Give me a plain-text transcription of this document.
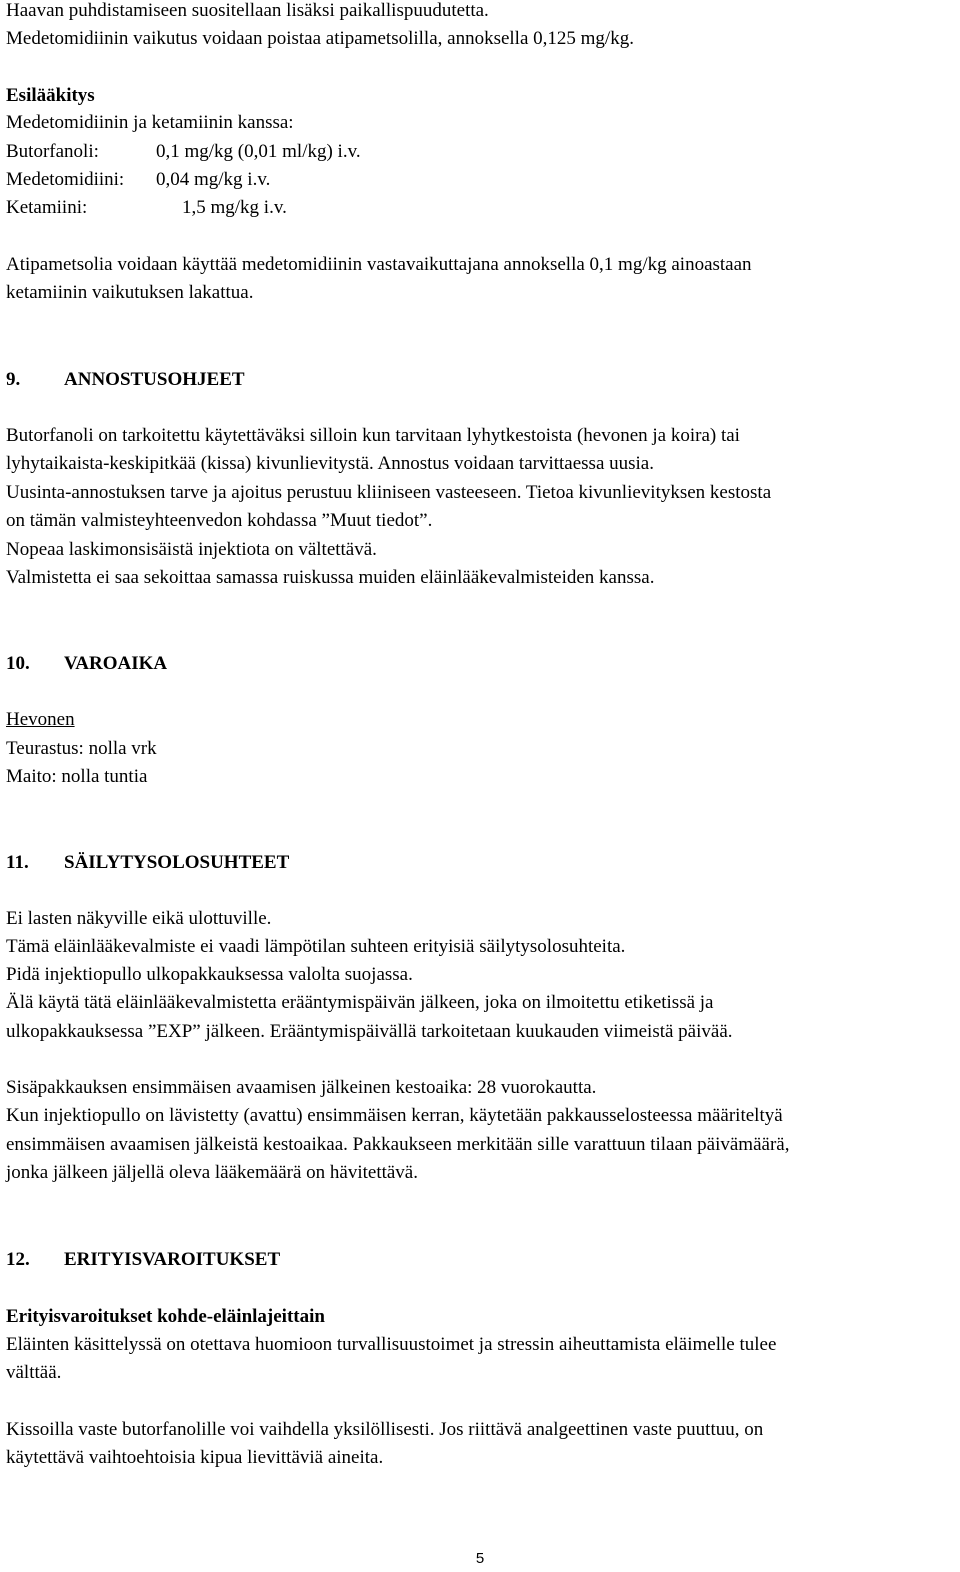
Haavan puhdistamiseen suositellaan lisäksi paikallispuudutetta.
Medetomidiinin vaikutus voidaan poistaa atipametsolilla, annoksella 0,125 mg/kg.
Esilääkitys
Medetomidiinin ja ketamiinin kanssa:
Butorfanoli:	0,1 mg/kg (0,01 ml/kg) i.v.
Medetomidiini: 0,04 mg/kg i.v.
Ketamiini:	1,5 mg/kg i.v.
Atipametsolia voidaan käyttää medetomidiinin vastavaikuttajana annoksella 0,1 mg/kg ainoastaan
ketamiinin vaikutuksen lakattua.
9. ANNOSTUSOHJEET
Butorfanoli on tarkoitettu käytettäväksi silloin kun tarvitaan lyhytkestoista (hevonen ja koira) tai
lyhytaikaista-keskipitkää (kissa) kivunlievitystä. Annostus voidaan tarvittaessa uusia.
Uusinta-annostuksen tarve ja ajoitus perustuu kliiniseen vasteeseen. Tietoa kivunlievityksen kestosta
on tämän valmisteyhteenvedon kohdassa ”Muut tiedot”.
Nopeaa laskimonsisäistä injektiota on vältettävä.
Valmistetta ei saa sekoittaa samassa ruiskussa muiden eläinlääkevalmisteiden kanssa.
10. VAROAIKA
Hevonen
Teurastus: nolla vrk
Maito: nolla tuntia
11. SÄILYTYSOLOSUHTEET
Ei lasten näkyville eikä ulottuville.
Tämä eläinlääkevalmiste ei vaadi lämpötilan suhteen erityisiä säilytysolosuhteita.
Pidä injektiopullo ulkopakkauksessa valolta suojassa.
Älä käytä tätä eläinlääkevalmistetta erääntymispäivän jälkeen, joka on ilmoitettu etiketissä ja
ulkopakkauksessa ”EXP” jälkeen. Erääntymispäivällä tarkoitetaan kuukauden viimeistä päivää.
Sisäpakkauksen ensimmäisen avaamisen jälkeinen kestoaika: 28 vuorokautta.
Kun injektiopullo on lävistetty (avattu) ensimmäisen kerran, käytetään pakkausselosteessa määriteltyä
ensimmäisen avaamisen jälkeistä kestoaikaa. Pakkaukseen merkitään sille varattuun tilaan päivämäärä,
jonka jälkeen jäljellä oleva lääkemäärä on hävitettävä.
12. ERITYISVAROITUKSET
Erityisvaroitukset kohde-eläinlajeittain
Eläinten käsittelyssä on otettava huomioon turvallisuustoimet ja stressin aiheuttamista eläimelle tulee
välttää.
Kissoilla vaste butorfanolille voi vaihdella yksilöllisesti. Jos riittävä analgeettinen vaste puuttuu, on
käytettävä vaihtoehtoisia kipua lievittäviä aineita.
5
